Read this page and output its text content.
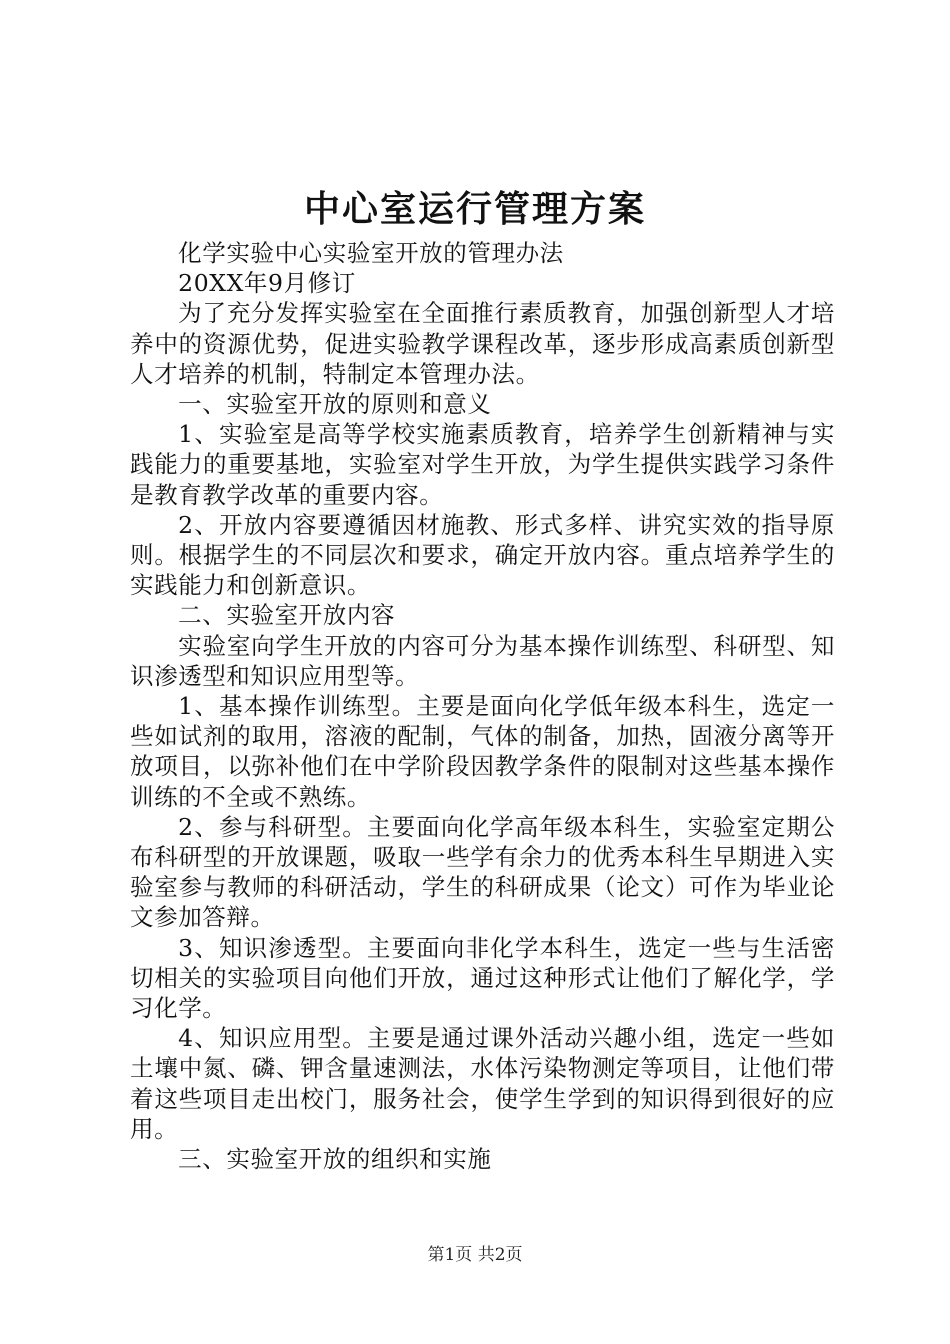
中心室运行管理方案

化学实验中心实验室开放的管理办法

20XX年9月修订

为了充分发挥实验室在全面推行素质教育，加强创新型人才培养中的资源优势，促进实验教学课程改革，逐步形成高素质创新型人才培养的机制，特制定本管理办法。

一、实验室开放的原则和意义

1、实验室是高等学校实施素质教育，培养学生创新精神与实践能力的重要基地，实验室对学生开放，为学生提供实践学习条件是教育教学改革的重要内容。

2、开放内容要遵循因材施教、形式多样、讲究实效的指导原则。根据学生的不同层次和要求，确定开放内容。重点培养学生的实践能力和创新意识。

二、实验室开放内容

实验室向学生开放的内容可分为基本操作训练型、科研型、知识渗透型和知识应用型等。

1、基本操作训练型。主要是面向化学低年级本科生，选定一些如试剂的取用，溶液的配制，气体的制备，加热，固液分离等开放项目，以弥补他们在中学阶段因教学条件的限制对这些基本操作训练的不全或不熟练。

2、参与科研型。主要面向化学高年级本科生，实验室定期公布科研型的开放课题，吸取一些学有余力的优秀本科生早期进入实验室参与教师的科研活动，学生的科研成果（论文）可作为毕业论文参加答辩。

3、知识渗透型。主要面向非化学本科生，选定一些与生活密切相关的实验项目向他们开放，通过这种形式让他们了解化学，学习化学。

4、知识应用型。主要是通过课外活动兴趣小组，选定一些如土壤中氮、磷、钾含量速测法，水体污染物测定等项目，让他们带着这些项目走出校门，服务社会，使学生学到的知识得到很好的应用。

三、实验室开放的组织和实施

第1页 共2页
